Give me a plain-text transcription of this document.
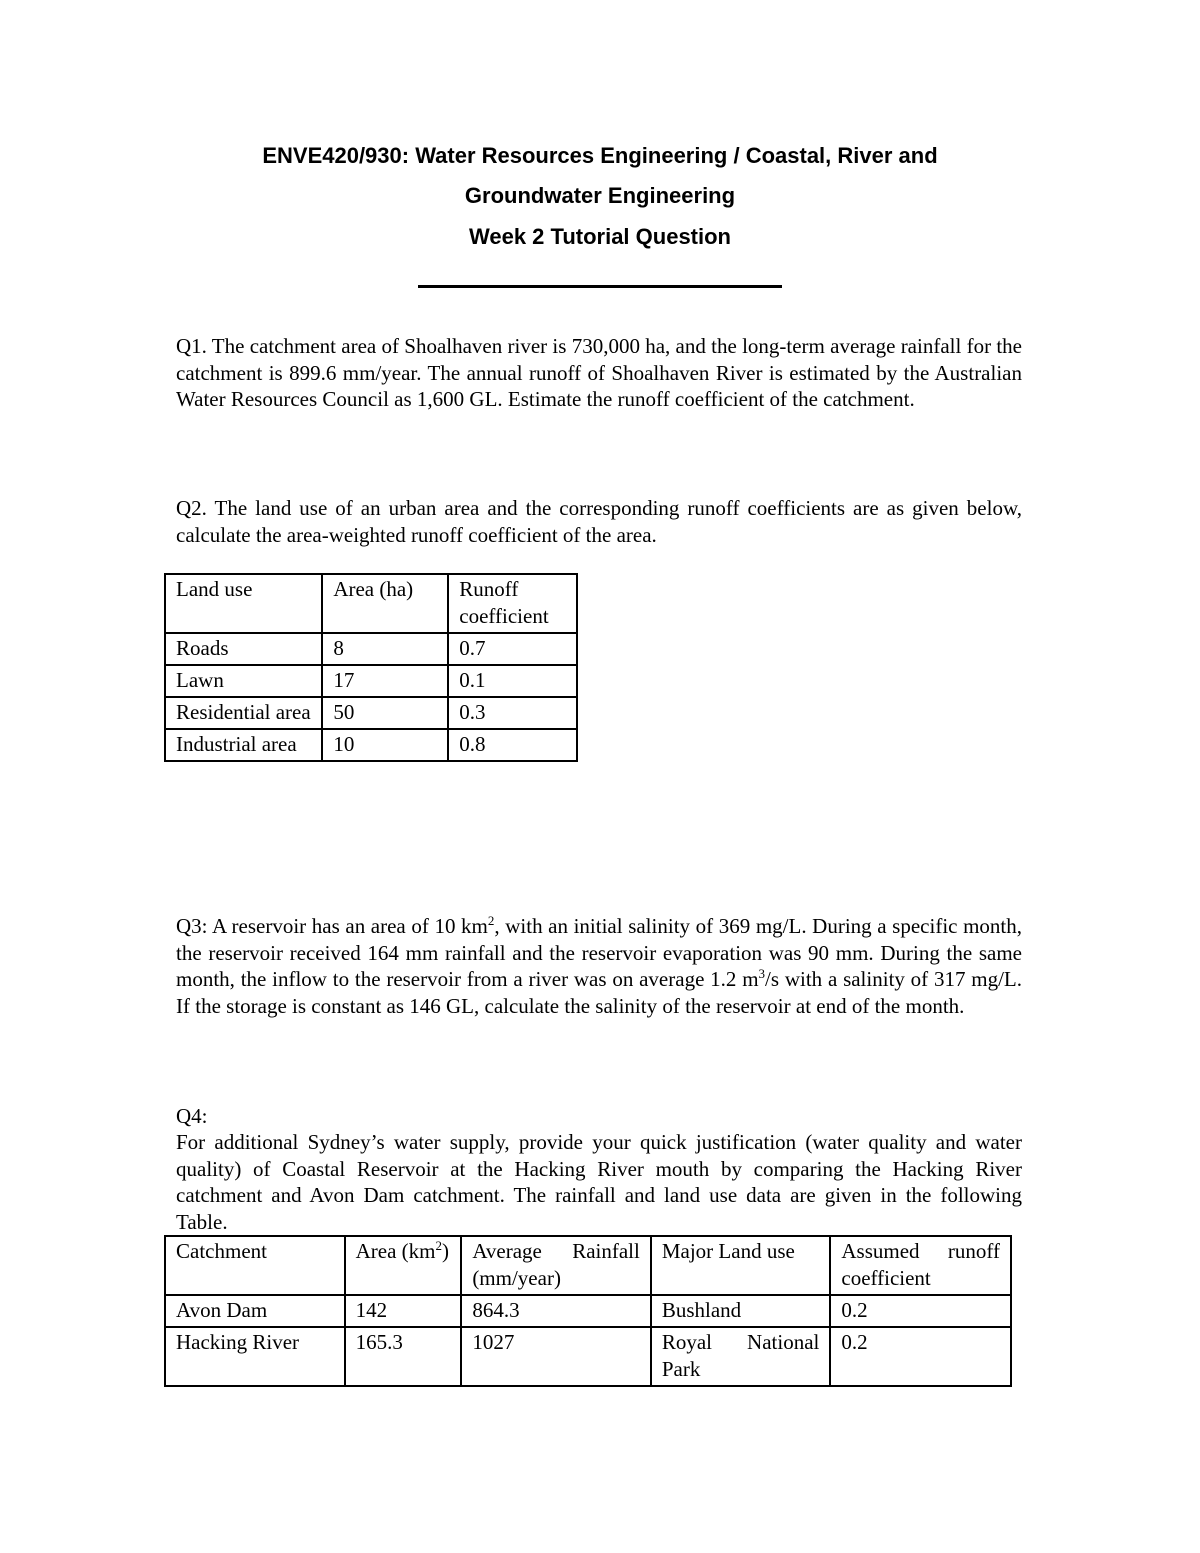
ENVE420/930: Water Resources Engineering / Coastal, River and
Groundwater Engineering
Week 2 Tutorial Question

Q1. The catchment area of Shoalhaven river is 730,000 ha, and the long-term average rainfall for the catchment is 899.6 mm/year. The annual runoff of Shoalhaven River is estimated by the Australian Water Resources Council as 1,600 GL. Estimate the runoff coefficient of the catchment.

Q2. The land use of an urban area and the corresponding runoff coefficients are as given below, calculate the area-weighted runoff coefficient of the area.

Land use	Area (ha)	Runoff coefficient
Roads	8	0.7
Lawn	17	0.1
Residential area	50	0.3
Industrial area	10	0.8

Q3: A reservoir has an area of 10 $km^2$, with an initial salinity of 369 mg/L. During a specific month, the reservoir received 164 mm rainfall and the reservoir evaporation was 90 mm. During the same month, the inflow to the reservoir from a river was on average 1.2 $m^3/s$ with a salinity of 317 mg/L. If the storage is constant as 146 GL, calculate the salinity of the reservoir at end of the month.

Q4:

For additional Sydney’s water supply, provide your quick justification (water quality and water quality) of Coastal Reservoir at the Hacking River mouth by comparing the Hacking River catchment and Avon Dam catchment. The rainfall and land use data are given in the following Table.

Catchment	Area $(km^2)$	Average Rainfall (mm/year)	Major Land use	Assumed runoff coefficient
Avon Dam	142	864.3	Bushland	0.2
Hacking River	165.3	1027	Royal National Park	0.2
